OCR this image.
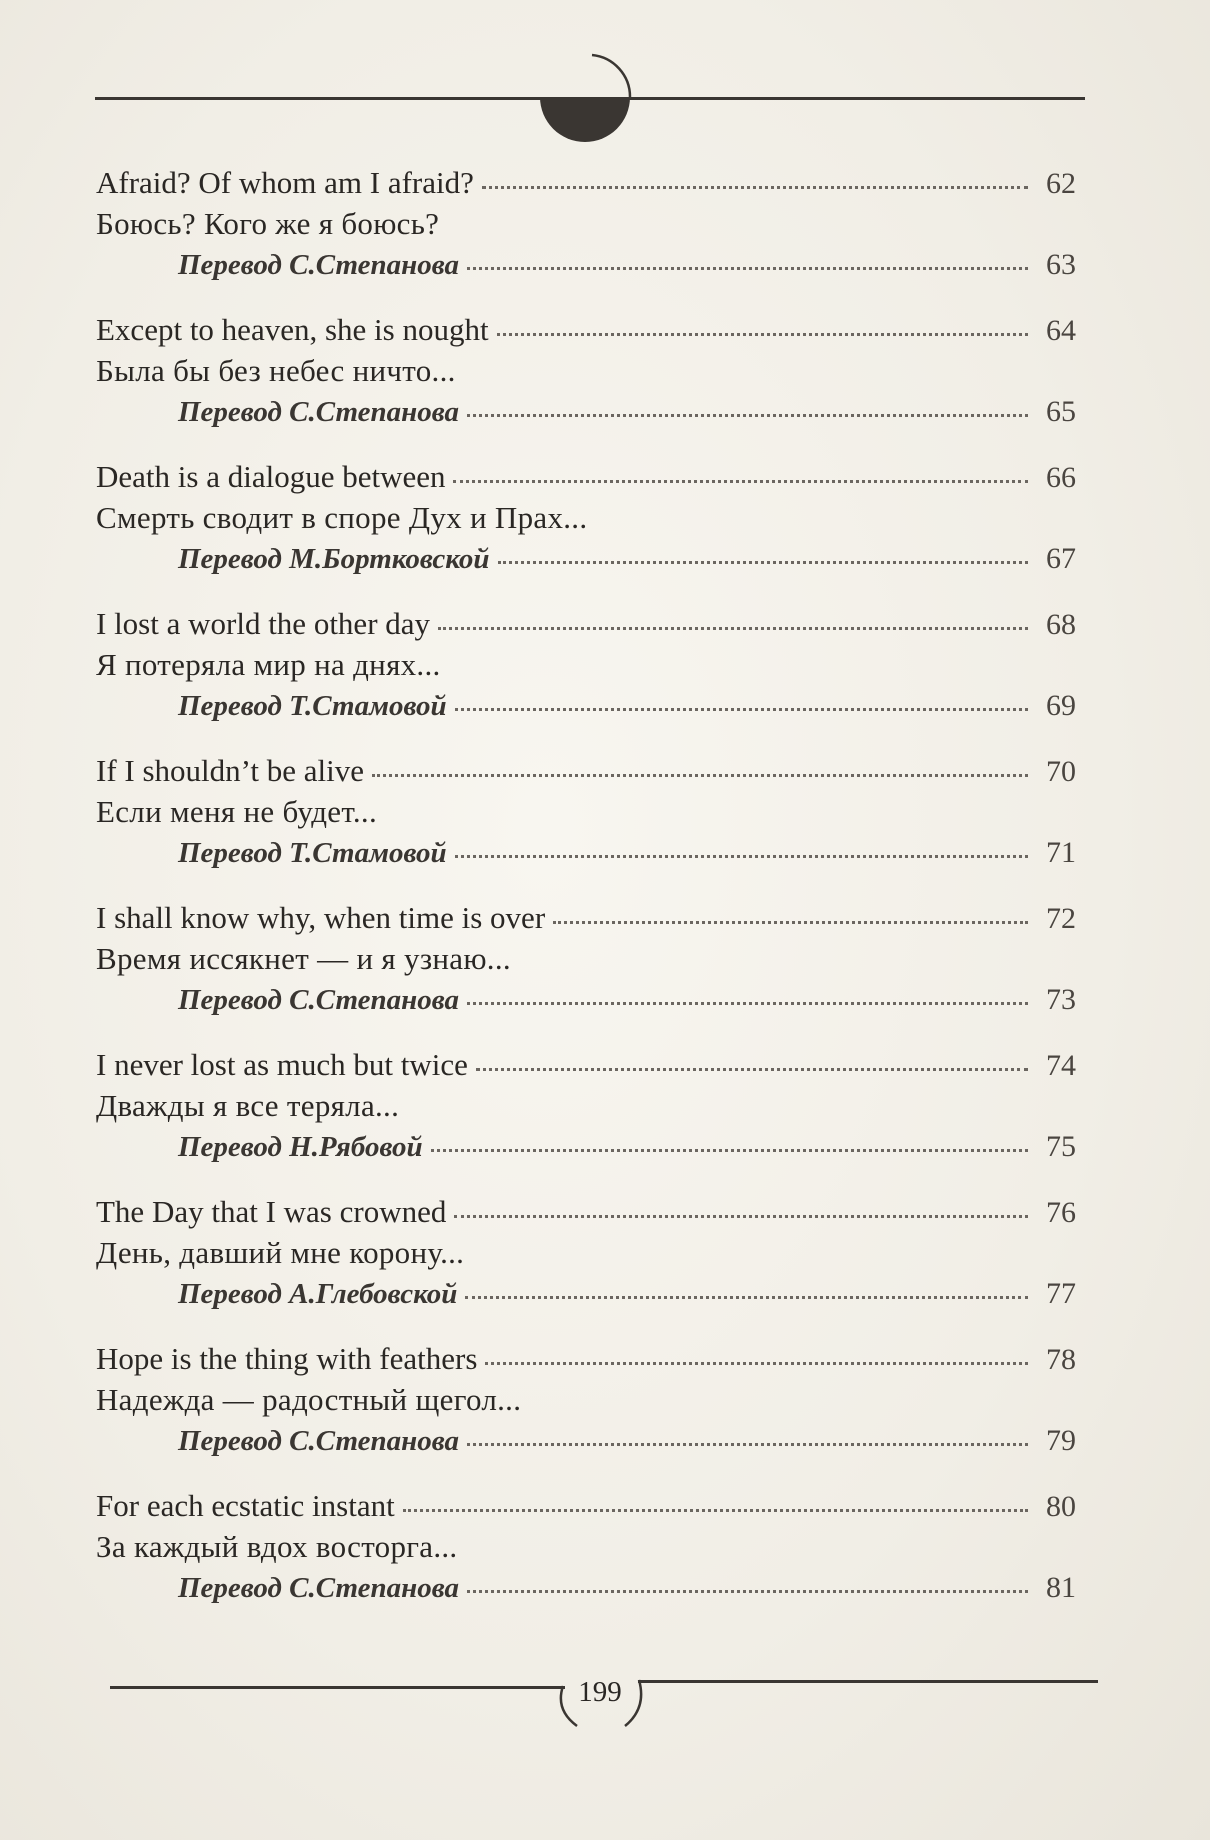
Afraid? Of whom am I afraid?	62
Боюсь? Кого же я боюсь?
Перевод С.Степанова	63
Except to heaven, she is nought	64
Была бы без небес ничто...
Перевод С.Степанова	65
Death is a dialogue between	66
Смерть сводит в споре Дух и Прах...
Перевод М.Бортковской	67
I lost a world the other day	68
Я потеряла мир на днях...
Перевод Т.Стамовой	69
If I shouldn’t be alive	70
Если меня не будет...
Перевод Т.Стамовой	71
I shall know why, when time is over	72
Время иссякнет — и я узнаю...
Перевод С.Степанова	73
I never lost as much but twice	74
Дважды я все теряла...
Перевод Н.Рябовой	75
The Day that I was crowned	76
День, давший мне корону...
Перевод А.Глебовской	77
Hope is the thing with feathers	78
Надежда — радостный щегол...
Перевод С.Степанова	79
For each ecstatic instant	80
За каждый вдох восторга...
Перевод С.Степанова	81
199
